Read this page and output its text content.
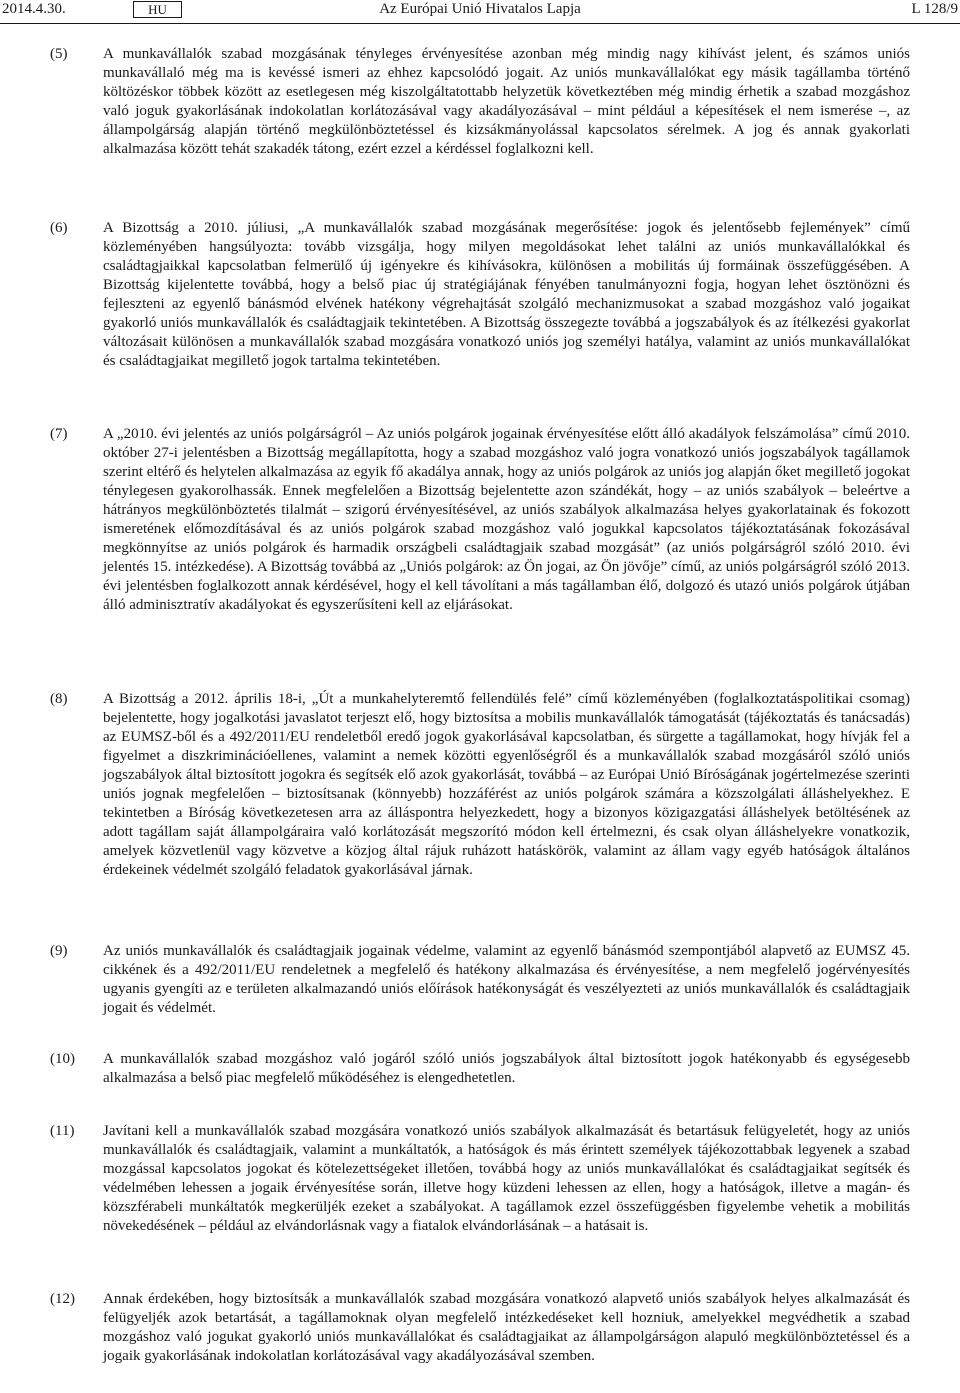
2014.4.30.	HU	Az Európai Unió Hivatalos Lapja	L 128/9
(5) A munkavállalók szabad mozgásának tényleges érvényesítése azonban még mindig nagy kihívást jelent, és számos uniós munkavállaló még ma is kevéssé ismeri az ehhez kapcsolódó jogait. Az uniós munkavállalókat egy másik tagállamba történő költözéskor többek között az esetlegesen még kiszolgáltatottabb helyzetük következtében még mindig érhetik a szabad mozgáshoz való joguk gyakorlásának indokolatlan korlátozásával vagy akadályozásával – mint például a képesítések el nem ismerése –, az állampolgárság alapján történő megkülönböztetéssel és kizsákmányolással kapcsolatos sérelmek. A jog és annak gyakorlati alkalmazása között tehát szakadék tátong, ezért ezzel a kérdéssel foglalkozni kell.
(6) A Bizottság a 2010. júliusi, „A munkavállalók szabad mozgásának megerősítése: jogok és jelentősebb fejlemények” című közleményében hangsúlyozta: tovább vizsgálja, hogy milyen megoldásokat lehet találni az uniós munkavállalókkal és családtagjaikkal kapcsolatban felmerülő új igényekre és kihívásokra, különösen a mobilitás új formáinak összefüggésében. A Bizottság kijelentette továbbá, hogy a belső piac új stratégiájának fényében tanulmányozni fogja, hogyan lehet ösztönözni és fejleszteni az egyenlő bánásmód elvének hatékony végrehajtását szolgáló mechanizmusokat a szabad mozgáshoz való jogaikat gyakorló uniós munkavállalók és családtagjaik tekintetében. A Bizottság összegezte továbbá a jogszabályok és az ítélkezési gyakorlat változásait különösen a munkavállalók szabad mozgására vonatkozó uniós jog személyi hatálya, valamint az uniós munkavállalókat és családtagjaikat megillető jogok tartalma tekintetében.
(7) A „2010. évi jelentés az uniós polgárságról – Az uniós polgárok jogainak érvényesítése előtt álló akadályok felszámolása” című 2010. október 27-i jelentésben a Bizottság megállapította, hogy a szabad mozgáshoz való jogra vonatkozó uniós jogszabályok tagállamok szerint eltérő és helytelen alkalmazása az egyik fő akadálya annak, hogy az uniós polgárok az uniós jog alapján őket megillető jogokat ténylegesen gyakorolhassák. Ennek megfelelően a Bizottság bejelentette azon szándékát, hogy – az uniós szabályok – beleértve a hátrányos megkülönböztetés tilalmát – szigorú érvényesítésével, az uniós szabályok alkalmazása helyes gyakorlatainak és fokozott ismeretének előmozdításával és az uniós polgárok szabad mozgáshoz való jogukkal kapcsolatos tájékoztatásának fokozásával megkönnyítse az uniós polgárok és harmadik országbeli családtagjaik szabad mozgását” (az uniós polgárságról szóló 2010. évi jelentés 15. intézkedése). A Bizottság továbbá az „Uniós polgárok: az Ön jogai, az Ön jövője” című, az uniós polgárságról szóló 2013. évi jelentésben foglalkozott annak kérdésével, hogy el kell távolítani a más tagállamban élő, dolgozó és utazó uniós polgárok útjában álló adminisztratív akadályokat és egyszerűsíteni kell az eljárásokat.
(8) A Bizottság a 2012. április 18-i, „Út a munkahelyteremtő fellendülés felé” című közleményében (foglalkoztatáspolitikai csomag) bejelentette, hogy jogalkotási javaslatot terjeszt elő, hogy biztosítsa a mobilis munkavállalók támogatását (tájékoztatás és tanácsadás) az EUMSZ-ből és a 492/2011/EU rendeletből eredő jogok gyakorlásával kapcsolatban, és sürgette a tagállamokat, hogy hívják fel a figyelmet a diszkriminációellenes, valamint a nemek közötti egyenlőségről és a munkavállalók szabad mozgásáról szóló uniós jogszabályok által biztosított jogokra és segítsék elő azok gyakorlását, továbbá – az Európai Unió Bíróságának jogértelmezése szerinti uniós jognak megfelelően – biztosítsanak (könnyebb) hozzáférést az uniós polgárok számára a közszolgálati álláshelyekhez. E tekintetben a Bíróság következetesen arra az álláspontra helyezkedett, hogy a bizonyos közigazgatási álláshelyek betöltésének az adott tagállam saját állampolgáraira való korlátozását megszorító módon kell értelmezni, és csak olyan álláshelyekre vonatkozik, amelyek közvetlenül vagy közvetve a közjog által rájuk ruházott hatáskörök, valamint az állam vagy egyéb hatóságok általános érdekeinek védelmét szolgáló feladatok gyakorlásával járnak.
(9) Az uniós munkavállalók és családtagjaik jogainak védelme, valamint az egyenlő bánásmód szempontjából alapvető az EUMSZ 45. cikkének és a 492/2011/EU rendeletnek a megfelelő és hatékony alkalmazása és érvényesítése, a nem megfelelő jogérvényesítés ugyanis gyengíti az e területen alkalmazandó uniós előírások hatékonyságát és veszélyezteti az uniós munkavállalók és családtagjaik jogait és védelmét.
(10) A munkavállalók szabad mozgáshoz való jogáról szóló uniós jogszabályok által biztosított jogok hatékonyabb és egységesebb alkalmazása a belső piac megfelelő működéséhez is elengedhetetlen.
(11) Javítani kell a munkavállalók szabad mozgására vonatkozó uniós szabályok alkalmazását és betartásuk felügyeletét, hogy az uniós munkavállalók és családtagjaik, valamint a munkáltatók, a hatóságok és más érintett személyek tájékozottabbak legyenek a szabad mozgással kapcsolatos jogokat és kötelezettségeket illetően, továbbá hogy az uniós munkavállalókat és családtagjaikat segítsék és védelmében lehessen a jogaik érvényesítése során, illetve hogy küzdeni lehessen az ellen, hogy a hatóságok, illetve a magán- és közszférabeli munkáltatók megkerüljék ezeket a szabályokat. A tagállamok ezzel összefüggésben figyelembe vehetik a mobilitás növekedésének – például az elvándorlásnak vagy a fiatalok elvándorlásának – a hatásait is.
(12) Annak érdekében, hogy biztosítsák a munkavállalók szabad mozgására vonatkozó alapvető uniós szabályok helyes alkalmazását és felügyeljék azok betartását, a tagállamoknak olyan megfelelő intézkedéseket kell hozniuk, amelyekkel megvédhetik a szabad mozgáshoz való jogukat gyakorló uniós munkavállalókat és családtagjaikat az állampolgárságon alapuló megkülönböztetéssel és a jogaik gyakorlásának indokolatlan korlátozásával vagy akadályozásával szemben.
